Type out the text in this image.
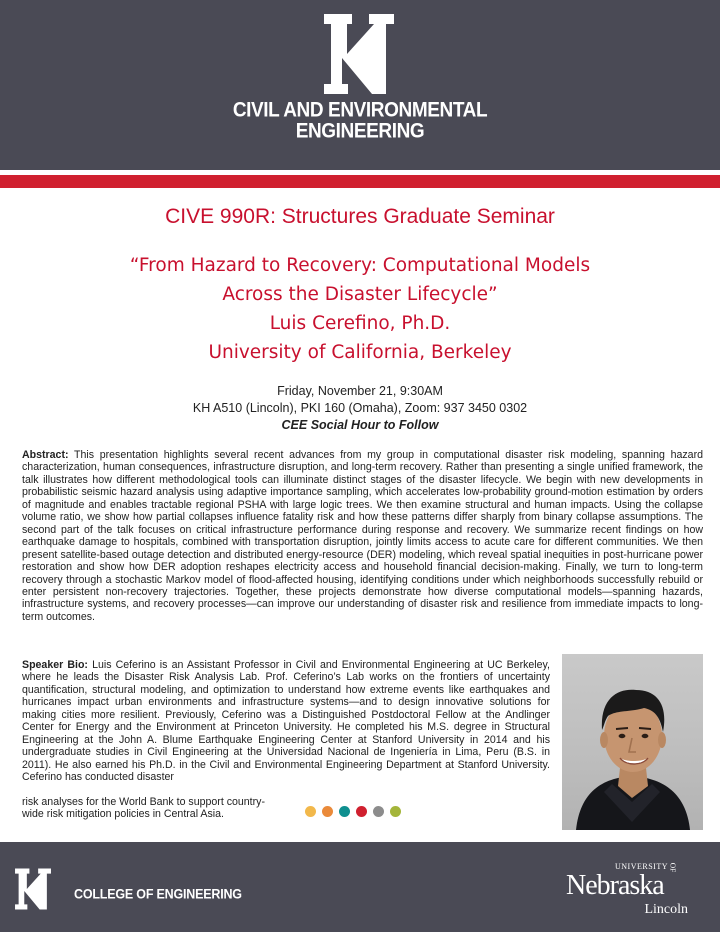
CIVIL AND ENVIRONMENTAL
ENGINEERING
CIVE 990R: Structures Graduate Seminar
“From Hazard to Recovery: Computational Models
Across the Disaster Lifecycle”
Luis Cerefino, Ph.D.
University of California, Berkeley
Friday, November 21, 9:30AM
KH A510 (Lincoln), PKI 160 (Omaha), Zoom: 937 3450 0302
CEE Social Hour to Follow
Abstract: This presentation highlights several recent advances from my group in computational disaster risk modeling, spanning hazard characterization, human consequences, infrastructure disruption, and long-term recovery. Rather than presenting a single unified framework, the talk illustrates how different methodological tools can illuminate distinct stages of the disaster lifecycle. We begin with new developments in probabilistic seismic hazard analysis using adaptive importance sampling, which accelerates low-probability ground-motion estimation by orders of magnitude and enables tractable regional PSHA with large logic trees. We then examine structural and human impacts. Using the collapse volume ratio, we show how partial collapses influence fatality risk and how these patterns differ sharply from binary collapse assumptions. The second part of the talk focuses on critical infrastructure performance during response and recovery. We summarize recent findings on how earthquake damage to hospitals, combined with transportation disruption, jointly limits access to acute care for different communities. We then present satellite-based outage detection and distributed energy-resource (DER) modeling, which reveal spatial inequities in post-hurricane power restoration and show how DER adoption reshapes electricity access and household financial decision-making. Finally, we turn to long-term recovery through a stochastic Markov model of flood-affected housing, identifying conditions under which neighborhoods successfully rebuild or enter persistent non-recovery trajectories. Together, these projects demonstrate how diverse computational models—spanning hazards, infrastructure systems, and recovery processes—can improve our understanding of disaster risk and resilience from immediate impacts to long-term outcomes.
Speaker Bio: Luis Ceferino is an Assistant Professor in Civil and Environmental Engineering at UC Berkeley, where he leads the Disaster Risk Analysis Lab. Prof. Ceferino’s Lab works on the frontiers of uncertainty quantification, structural modeling, and optimization to understand how extreme events like earthquakes and hurricanes impact urban environments and infrastructure systems—and to design innovative solutions for making cities more resilient. Previously, Ceferino was a Distinguished Postdoctoral Fellow at the Andlinger Center for Energy and the Environment at Princeton University. He completed his M.S. degree in Structural Engineering at the John A. Blume Earthquake Engineering Center at Stanford University in 2014 and his undergraduate studies in Civil Engineering at the Universidad Nacional de Ingeniería in Lima, Peru (B.S. in 2011). He also earned his Ph.D. in the Civil and Environmental Engineering Department at Stanford University. Ceferino has conducted disaster
risk analyses for the World Bank to support country-
wide risk mitigation policies in Central Asia.
COLLEGE OF ENGINEERING
UNIVERSITY OF
Nebraska
Lincoln
